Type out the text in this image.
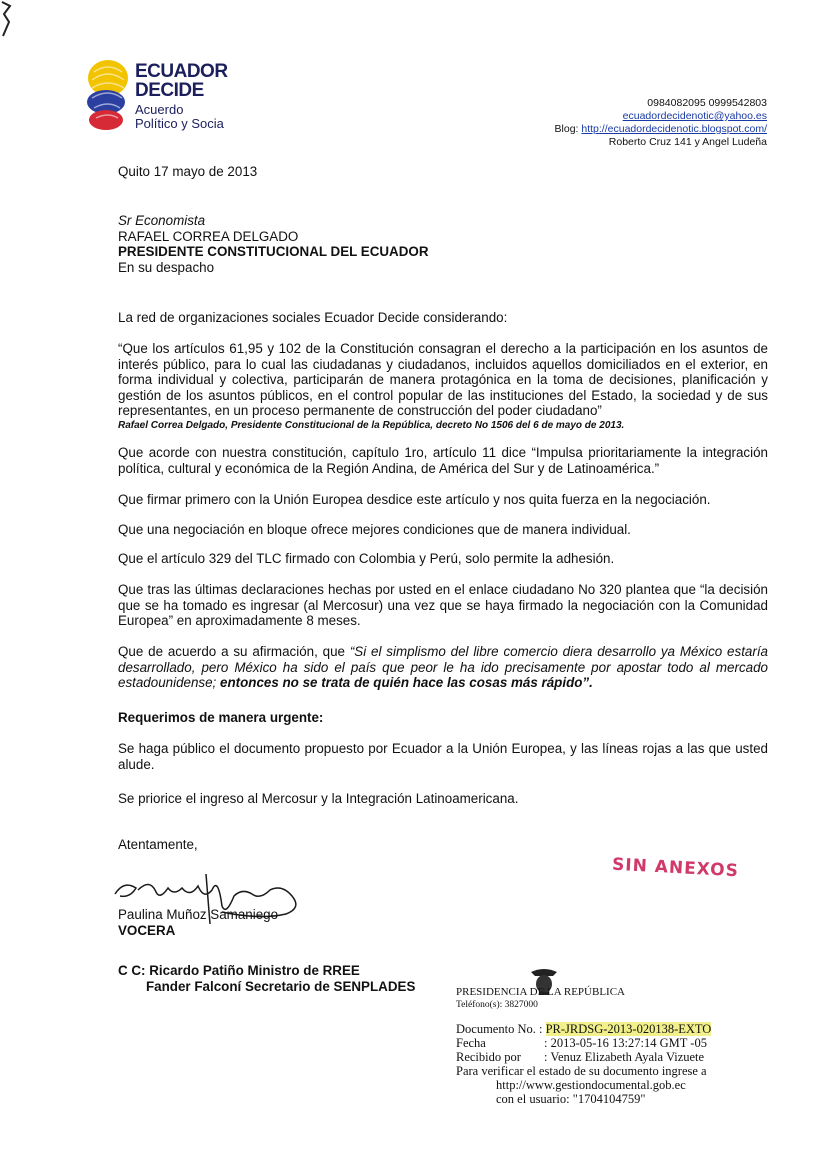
ECUADOR
DECIDE
Acuerdo
Político y Socia
0984082095 0999542803
ecuadordecidenotic@yahoo.es
Blog: http://ecuadordecidenotic.blogspot.com/
Roberto Cruz 141 y Angel Ludeña
Quito 17 mayo de 2013
Sr Economista
RAFAEL CORREA DELGADO
PRESIDENTE CONSTITUCIONAL DEL ECUADOR
En su despacho
La red de organizaciones sociales Ecuador Decide considerando:
“Que los artículos 61,95 y 102 de la Constitución consagran el derecho a la participación en los asuntos de interés público, para lo cual las ciudadanas y ciudadanos, incluidos aquellos domiciliados en el exterior, en forma individual y colectiva, participarán de manera protagónica en la toma de decisiones, planificación y gestión de los asuntos públicos, en el control popular de las instituciones del Estado, la sociedad y de sus representantes, en un proceso permanente de construcción del poder ciudadano”
Rafael Correa Delgado, Presidente Constitucional de la República, decreto No 1506 del 6 de mayo de 2013.
Que acorde con nuestra constitución, capítulo 1ro, artículo 11 dice “Impulsa prioritariamente la integración política, cultural y económica de la Región Andina, de América del Sur y de Latinoamérica.”
Que firmar primero con la Unión Europea desdice este artículo y nos quita fuerza en la negociación.
Que una negociación en bloque ofrece mejores condiciones que de manera individual.
Que el artículo 329 del TLC firmado con Colombia y Perú, solo permite la adhesión.
Que tras las últimas declaraciones hechas por usted en el enlace ciudadano No 320 plantea que “la decisión que se ha tomado es ingresar (al Mercosur) una vez que se haya firmado la negociación con la Comunidad Europea” en aproximadamente 8 meses.
Que de acuerdo a su afirmación, que “Si el simplismo del libre comercio diera desarrollo ya México estaría desarrollado, pero México ha sido el país que peor le ha ido precisamente por apostar todo al mercado estadounidense; entonces no se trata de quién hace las cosas más rápido”.
Requerimos de manera urgente:
Se haga público el documento propuesto por Ecuador a la Unión Europea, y las líneas rojas a las que usted alude.
Se priorice el ingreso al Mercosur y la Integración Latinoamericana.
Atentamente,
Paulina Muñoz Samaniego
VOCERA
C C: Ricardo Patiño Ministro de RREE
Fander Falconí Secretario de SENPLADES
SIN ANEXOS
PRESIDENCIA DE LA REPÚBLICA
Teléfono(s): 3827000
Documento No. : PR-JRDSG-2013-020138-EXTO
Fecha	: 2013-05-16 13:27:14 GMT -05
Recibido por	: Venuz Elizabeth Ayala Vizuete
Para verificar el estado de su documento ingrese a
http://www.gestiondocumental.gob.ec
con el usuario: "1704104759"
